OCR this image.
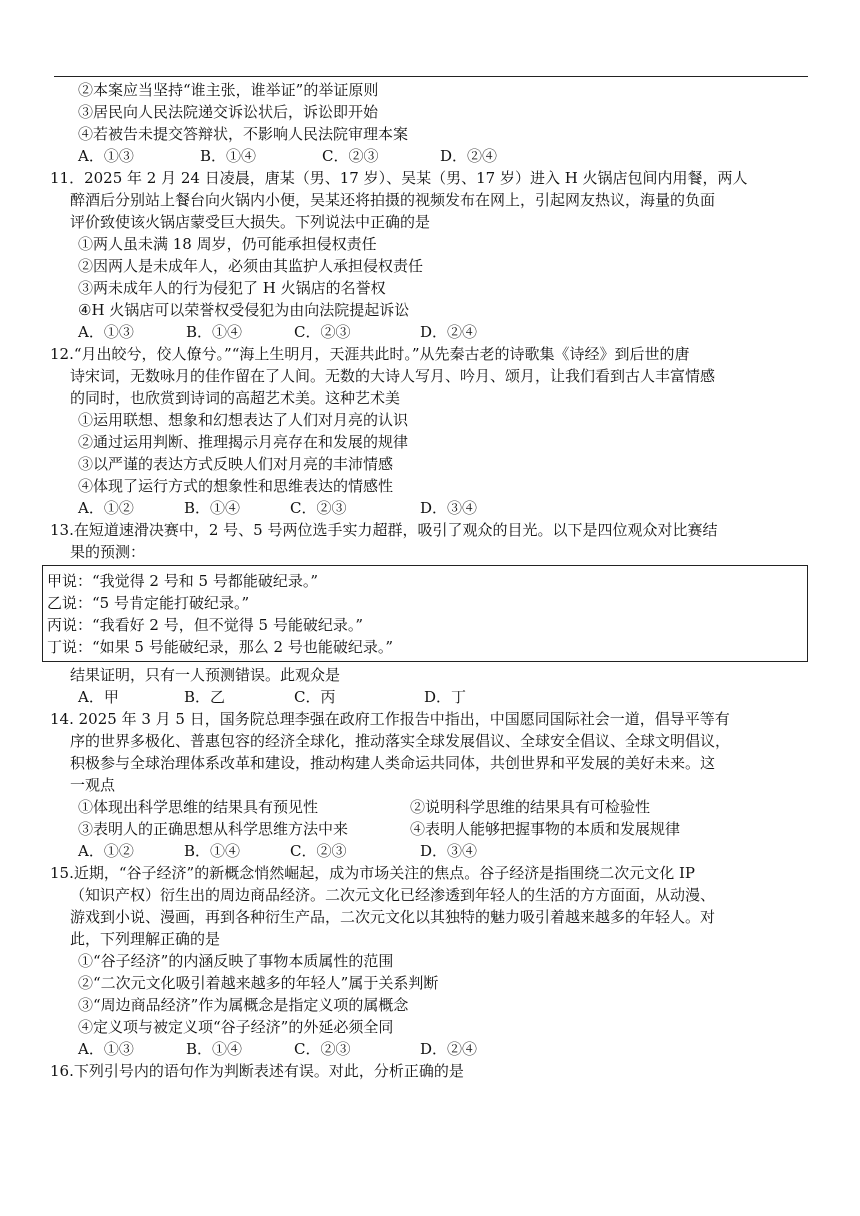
②本案应当坚持“谁主张，谁举证”的举证原则
③居民向人民法院递交诉讼状后，诉讼即开始
④若被告未提交答辩状，不影响人民法院审理本案
A．①③	B．①④	C．②③	D．②④
11．2025 年 2 月 24 日凌晨，唐某（男、17 岁）、吴某（男、17 岁）进入 H 火锅店包间内用餐，两人
醉酒后分别站上餐台向火锅内小便，吴某还将拍摄的视频发布在网上，引起网友热议，海量的负面
评价致使该火锅店蒙受巨大损失。下列说法中正确的是
①两人虽未满 18 周岁，仍可能承担侵权责任
②因两人是未成年人，必须由其监护人承担侵权责任
③两未成年人的行为侵犯了 H 火锅店的名誉权
④H 火锅店可以荣誉权受侵犯为由向法院提起诉讼
A．①③	B．①④	C．②③	D．②④
12.“月出皎兮，佼人僚兮。”“海上生明月，天涯共此时。”从先秦古老的诗歌集《诗经》到后世的唐
诗宋词，无数咏月的佳作留在了人间。无数的大诗人写月、吟月、颂月，让我们看到古人丰富情感
的同时，也欣赏到诗词的高超艺术美。这种艺术美
①运用联想、想象和幻想表达了人们对月亮的认识
②通过运用判断、推理揭示月亮存在和发展的规律
③以严谨的表达方式反映人们对月亮的丰沛情感
④体现了运行方式的想象性和思维表达的情感性
A．①②	B．①④	C．②③	D．③④
13.在短道速滑决赛中，2 号、5 号两位选手实力超群，吸引了观众的目光。以下是四位观众对比赛结
果的预测：
甲说：“我觉得 2 号和 5 号都能破纪录。”
乙说：“5 号肯定能打破纪录。”
丙说：“我看好 2 号，但不觉得 5 号能破纪录。”
丁说：“如果 5 号能破纪录，那么 2 号也能破纪录。”
结果证明，只有一人预测错误。此观众是
A．甲	B．乙	C．丙	D．丁
14. 2025 年 3 月 5 日，国务院总理李强在政府工作报告中指出，中国愿同国际社会一道，倡导平等有
序的世界多极化、普惠包容的经济全球化，推动落实全球发展倡议、全球安全倡议、全球文明倡议，
积极参与全球治理体系改革和建设，推动构建人类命运共同体，共创世界和平发展的美好未来。这
一观点
①体现出科学思维的结果具有预见性	②说明科学思维的结果具有可检验性
③表明人的正确思想从科学思维方法中来	④表明人能够把握事物的本质和发展规律
A．①②	B．①④	C．②③	D．③④
15.近期，“谷子经济”的新概念悄然崛起，成为市场关注的焦点。谷子经济是指围绕二次元文化 IP
（知识产权）衍生出的周边商品经济。二次元文化已经渗透到年轻人的生活的方方面面，从动漫、
游戏到小说、漫画，再到各种衍生产品，二次元文化以其独特的魅力吸引着越来越多的年轻人。对
此，下列理解正确的是
①“谷子经济”的内涵反映了事物本质属性的范围
②“二次元文化吸引着越来越多的年轻人”属于关系判断
③“周边商品经济”作为属概念是指定义项的属概念
④定义项与被定义项“谷子经济”的外延必须全同
A．①③	B．①④	C．②③	D．②④
16.下列引号内的语句作为判断表述有误。对此，分析正确的是
